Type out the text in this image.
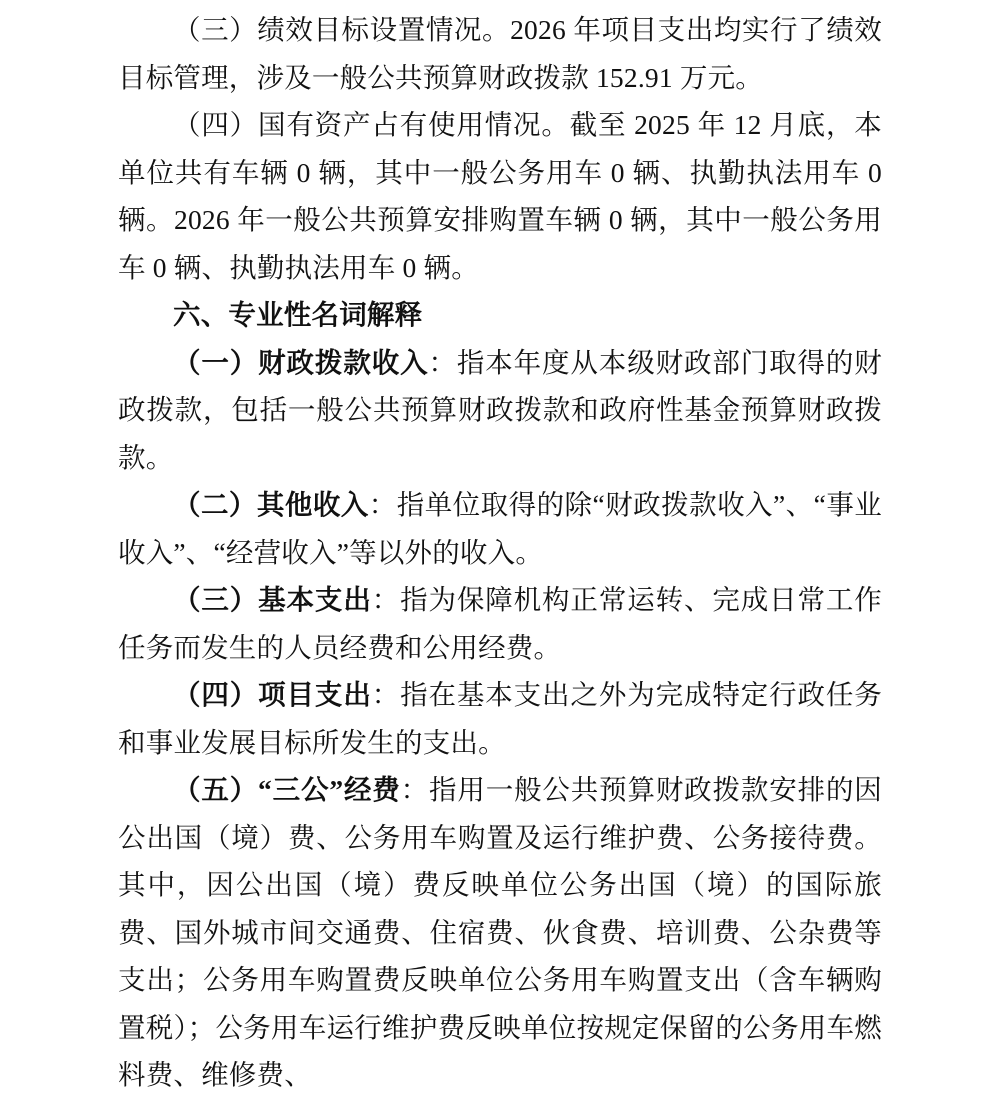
（三）绩效目标设置情况。2026 年项目支出均实行了绩效目标管理，涉及一般公共预算财政拨款 152.91 万元。

（四）国有资产占有使用情况。截至 2025 年 12 月底，本单位共有车辆 0 辆，其中一般公务用车 0 辆、执勤执法用车 0 辆。2026 年一般公共预算安排购置车辆 0 辆，其中一般公务用车 0 辆、执勤执法用车 0 辆。

六、专业性名词解释

（一）财政拨款收入：指本年度从本级财政部门取得的财政拨款，包括一般公共预算财政拨款和政府性基金预算财政拨款。

（二）其他收入：指单位取得的除“财政拨款收入”、“事业收入”、“经营收入”等以外的收入。

（三）基本支出：指为保障机构正常运转、完成日常工作任务而发生的人员经费和公用经费。

（四）项目支出：指在基本支出之外为完成特定行政任务和事业发展目标所发生的支出。

（五）“三公”经费：指用一般公共预算财政拨款安排的因公出国（境）费、公务用车购置及运行维护费、公务接待费。其中，因公出国（境）费反映单位公务出国（境）的国际旅费、国外城市间交通费、住宿费、伙食费、培训费、公杂费等支出；公务用车购置费反映单位公务用车购置支出（含车辆购置税）；公务用车运行维护费反映单位按规定保留的公务用车燃料费、维修费、
